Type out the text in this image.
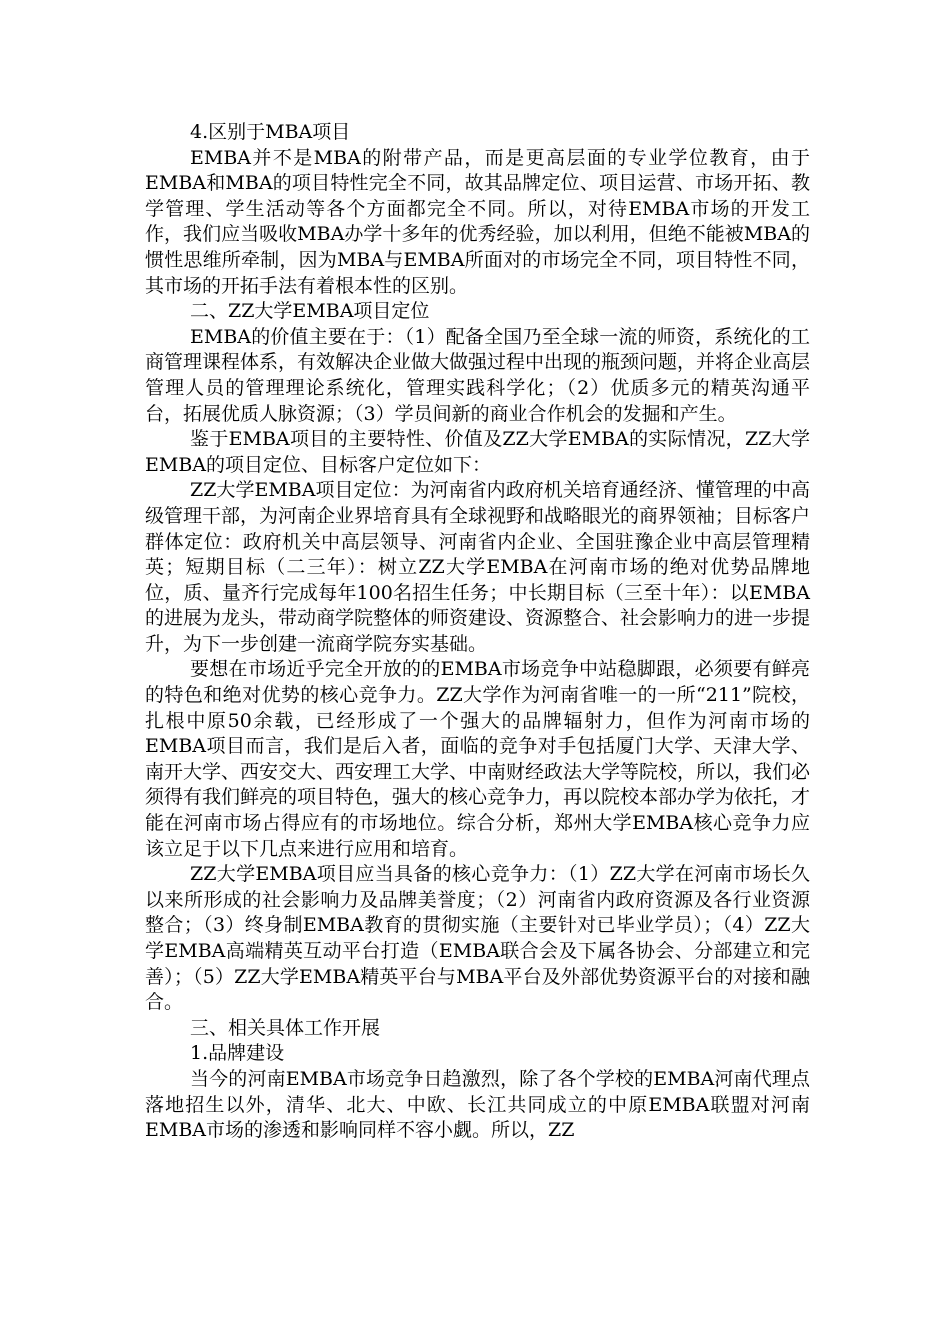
4.区别于MBA项目

EMBA并不是MBA的附带产品，而是更高层面的专业学位教育，由于EMBA和MBA的项目特性完全不同，故其品牌定位、项目运营、市场开拓、教学管理、学生活动等各个方面都完全不同。所以，对待EMBA市场的开发工作，我们应当吸收MBA办学十多年的优秀经验，加以利用，但绝不能被MBA的惯性思维所牵制，因为MBA与EMBA所面对的市场完全不同，项目特性不同，其市场的开拓手法有着根本性的区别。

二、ZZ大学EMBA项目定位

EMBA的价值主要在于：（1）配备全国乃至全球一流的师资，系统化的工商管理课程体系，有效解决企业做大做强过程中出现的瓶颈问题，并将企业高层管理人员的管理理论系统化，管理实践科学化；（2）优质多元的精英沟通平台，拓展优质人脉资源；（3）学员间新的商业合作机会的发掘和产生。

鉴于EMBA项目的主要特性、价值及ZZ大学EMBA的实际情况，ZZ大学EMBA的项目定位、目标客户定位如下：

ZZ大学EMBA项目定位：为河南省内政府机关培育通经济、懂管理的中高级管理干部，为河南企业界培育具有全球视野和战略眼光的商界领袖；目标客户群体定位：政府机关中高层领导、河南省内企业、全国驻豫企业中高层管理精英；短期目标（二三年）：树立ZZ大学EMBA在河南市场的绝对优势品牌地位，质、量齐行完成每年100名招生任务；中长期目标（三至十年）：以EMBA的进展为龙头，带动商学院整体的师资建设、资源整合、社会影响力的进一步提升，为下一步创建一流商学院夯实基础。

要想在市场近乎完全开放的的EMBA市场竞争中站稳脚跟，必须要有鲜亮的特色和绝对优势的核心竞争力。ZZ大学作为河南省唯一的一所“211”院校，扎根中原50余载，已经形成了一个强大的品牌辐射力，但作为河南市场的EMBA项目而言，我们是后入者，面临的竞争对手包括厦门大学、天津大学、南开大学、西安交大、西安理工大学、中南财经政法大学等院校，所以，我们必须得有我们鲜亮的项目特色，强大的核心竞争力，再以院校本部办学为依托，才能在河南市场占得应有的市场地位。综合分析，郑州大学EMBA核心竞争力应该立足于以下几点来进行应用和培育。

ZZ大学EMBA项目应当具备的核心竞争力：（1）ZZ大学在河南市场长久以来所形成的社会影响力及品牌美誉度；（2）河南省内政府资源及各行业资源整合；（3）终身制EMBA教育的贯彻实施（主要针对已毕业学员）；（4）ZZ大学EMBA高端精英互动平台打造（EMBA联合会及下属各协会、分部建立和完善）；（5）ZZ大学EMBA精英平台与MBA平台及外部优势资源平台的对接和融合。

三、相关具体工作开展

1.品牌建设

当今的河南EMBA市场竞争日趋激烈，除了各个学校的EMBA河南代理点落地招生以外，清华、北大、中欧、长江共同成立的中原EMBA联盟对河南EMBA市场的渗透和影响同样不容小觑。所以，ZZ
